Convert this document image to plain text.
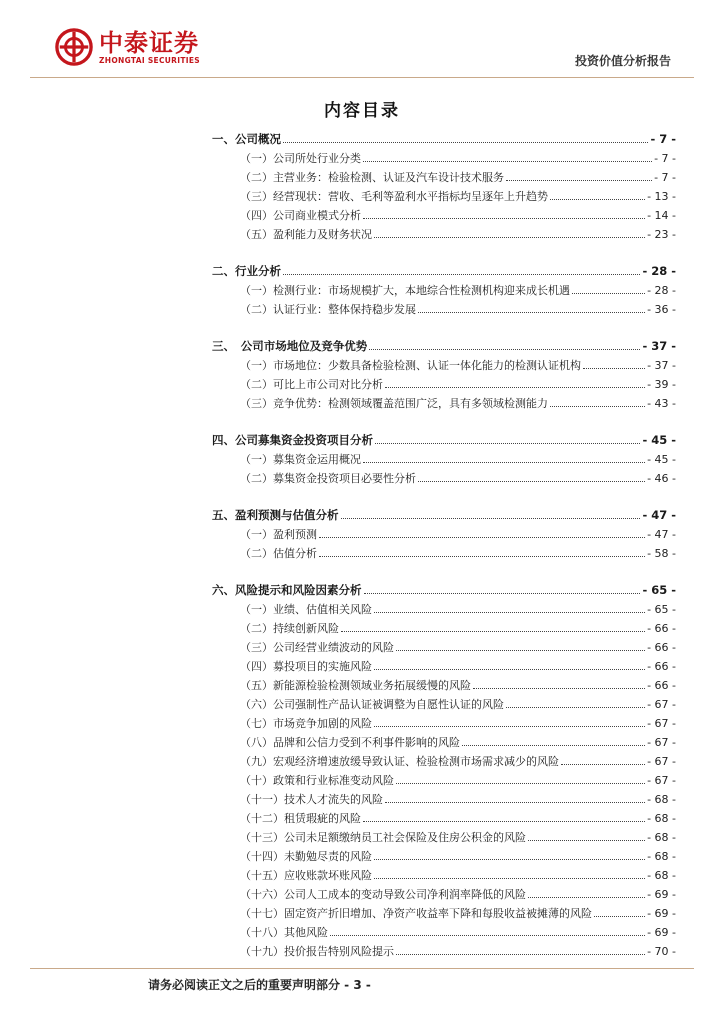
中泰证券
ZHONGTAI SECURITIES	投资价值分析报告
内容目录
一、公司概况	- 7 -
（一）公司所处行业分类	- 7 -
（二）主营业务：检验检测、认证及汽车设计技术服务	- 7 -
（三）经营现状：营收、毛利等盈利水平指标均呈逐年上升趋势	- 13 -
（四）公司商业模式分析	- 14 -
（五）盈利能力及财务状况	- 23 -
二、行业分析	- 28 -
（一）检测行业：市场规模扩大，本地综合性检测机构迎来成长机遇	- 28 -
（二）认证行业：整体保持稳步发展	- 36 -
三、　公司市场地位及竞争优势	- 37 -
（一）市场地位：少数具备检验检测、认证一体化能力的检测认证机构	- 37 -
（二）可比上市公司对比分析	- 39 -
（三）竞争优势：检测领域覆盖范围广泛，具有多领域检测能力	- 43 -
四、公司募集资金投资项目分析	- 45 -
（一）募集资金运用概况	- 45 -
（二）募集资金投资项目必要性分析	- 46 -
五、盈利预测与估值分析	- 47 -
（一）盈利预测	- 47 -
（二）估值分析	- 58 -
六、风险提示和风险因素分析	- 65 -
（一）业绩、估值相关风险	- 65 -
（二）持续创新风险	- 66 -
（三）公司经营业绩波动的风险	- 66 -
（四）募投项目的实施风险	- 66 -
（五）新能源检验检测领域业务拓展缓慢的风险	- 66 -
（六）公司强制性产品认证被调整为自愿性认证的风险	- 67 -
（七）市场竞争加剧的风险	- 67 -
（八）品牌和公信力受到不利事件影响的风险	- 67 -
（九）宏观经济增速放缓导致认证、检验检测市场需求减少的风险	- 67 -
（十）政策和行业标准变动风险	- 67 -
（十一）技术人才流失的风险	- 68 -
（十二）租赁瑕疵的风险	- 68 -
（十三）公司未足额缴纳员工社会保险及住房公积金的风险	- 68 -
（十四）未勤勉尽责的风险	- 68 -
（十五）应收账款坏账风险	- 68 -
（十六）公司人工成本的变动导致公司净利润率降低的风险	- 69 -
（十七）固定资产折旧增加、净资产收益率下降和每股收益被摊薄的风险	- 69 -
（十八）其他风险	- 69 -
（十九）投价报告特别风险提示	- 70 -
请务必阅读正文之后的重要声明部分 - 3 -
